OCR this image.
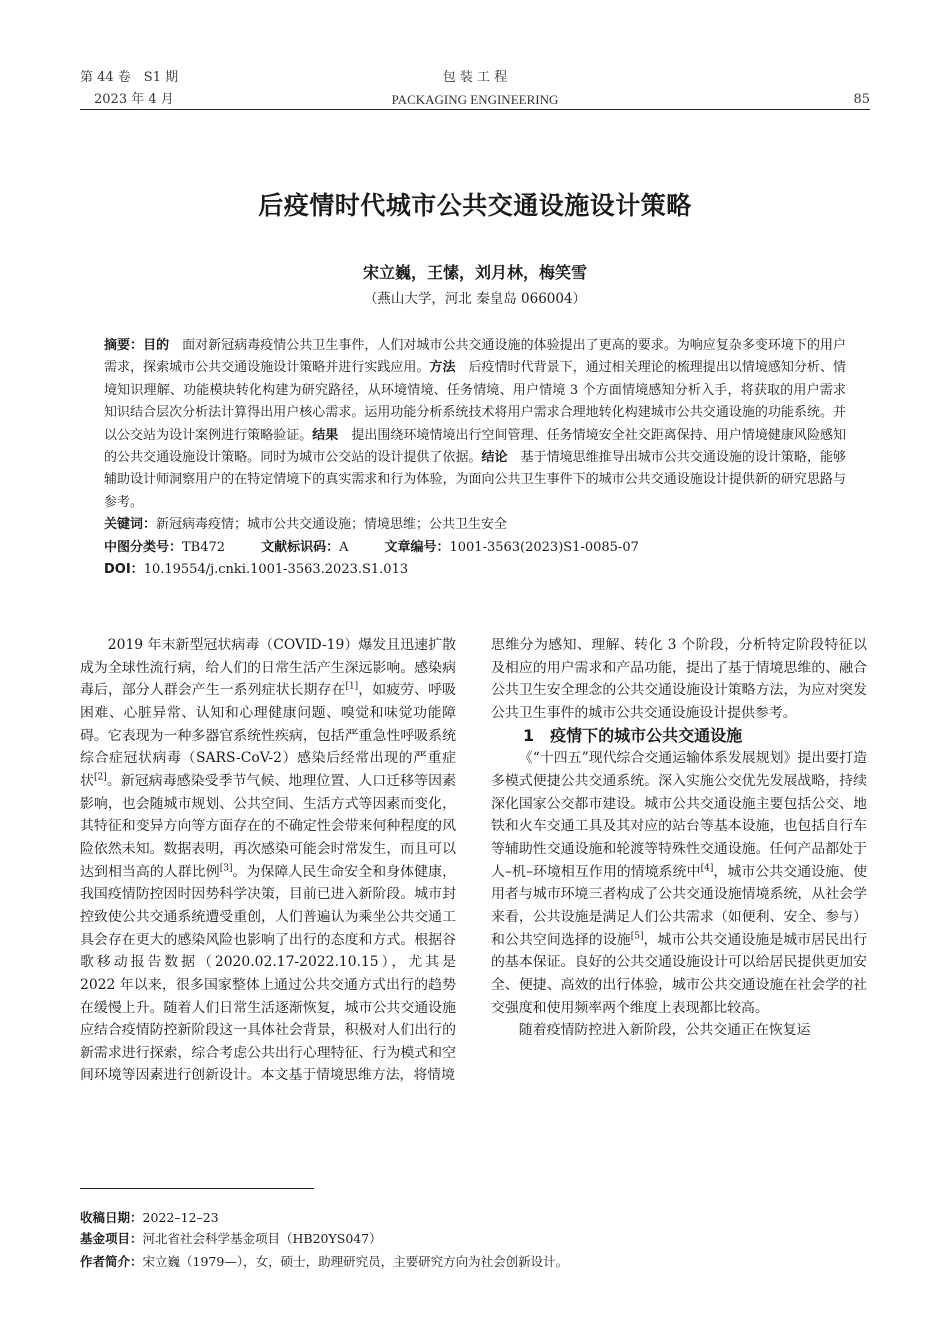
第 44 卷　S1 期
2023 年 4 月
包 装 工 程
PACKAGING ENGINEERING	85
后疫情时代城市公共交通设施设计策略
宋立巍，王愫，刘月林，梅笑雪
（燕山大学，河北 秦皇岛 066004）

摘要：目的　 面对新冠病毒疫情公共卫生事件，人们对城市公共交通设施的体验提出了更高的要求。为响应复杂多变环境下的用户需求，探索城市公共交通设施设计策略并进行实践应用。方法　 后疫情时代背景下，通过相关理论的梳理提出以情境感知分析、情境知识理解、功能模块转化构建为研究路径，从环境情境、任务情境、用户情境 3 个方面情境感知分析入手，将获取的用户需求知识结合层次分析法计算得出用户核心需求。运用功能分析系统技术将用户需求合理地转化构建城市公共交通设施的功能系统。并以公交站为设计案例进行策略验证。结果　 提出围绕环境情境出行空间管理、任务情境安全社交距离保持、用户情境健康风险感知的公共交通设施设计策略。同时为城市公交站的设计提供了依据。结论　 基于情境思维推导出城市公共交通设施的设计策略，能够辅助设计师洞察用户的在特定情境下的真实需求和行为体验，为面向公共卫生事件下的城市公共交通设施设计提供新的研究思路与参考。

关键词：新冠病毒疫情；城市公共交通设施；情境思维；公共卫生安全

中图分类号：TB472	文献标识码：A	文章编号：1001-3563(2023)S1-0085-07

DOI：10.19554/j.cnki.1001-3563.2023.S1.013

2019 年末新型冠状病毒（COVID-19）爆发且迅速扩散成为全球性流行病，给人们的日常生活产生深远影响。感染病毒后，部分人群会产生一系列症状长期存在[1]，如疲劳、呼吸困难、心脏异常、认知和心理健康问题、嗅觉和味觉功能障碍。它表现为一种多器官系统性疾病，包括严重急性呼吸系统综合症冠状病毒（SARS-CoV-2）感染后经常出现的严重症状[2]。新冠病毒感染受季节气候、地理位置、人口迁移等因素影响，也会随城市规划、公共空间、生活方式等因素而变化，其特征和变异方向等方面存在的不确定性会带来何种程度的风险依然未知。数据表明，再次感染可能会时常发生，而且可以达到相当高的人群比例[3]。为保障人民生命安全和身体健康，我国疫情防控因时因势科学决策，目前已进入新阶段。城市封控致使公共交通系统遭受重创，人们普遍认为乘坐公共交通工具会存在更大的感染风险也影响了出行的态度和方式。根据谷歌移动报告数据（2020.02.17-2022.10.15），尤其是 2022 年以来，很多国家整体上通过公共交通方式出行的趋势在缓慢上升。随着人们日常生活逐渐恢复，城市公共交通设施应结合疫情防控新阶段这一具体社会背景，积极对人们出行的新需求进行探索，综合考虑公共出行心理特征、行为模式和空间环境等因素进行创新设计。本文基于情境思维方法，将情境

思维分为感知、理解、转化 3 个阶段，分析特定阶段特征以及相应的用户需求和产品功能，提出了基于情境思维的、融合公共卫生安全理念的公共交通设施设计策略方法，为应对突发公共卫生事件的城市公共交通设施设计提供参考。

1　疫情下的城市公共交通设施

《“十四五”现代综合交通运输体系发展规划》提出要打造多模式便捷公共交通系统。深入实施公交优先发展战略，持续深化国家公交都市建设。城市公共交通设施主要包括公交、地铁和火车交通工具及其对应的站台等基本设施，也包括自行车等辅助性交通设施和轮渡等特殊性交通设施。任何产品都处于人–机–环境相互作用的情境系统中[4]，城市公共交通设施、使用者与城市环境三者构成了公共交通设施情境系统，从社会学来看，公共设施是满足人们公共需求（如便利、安全、参与）和公共空间选择的设施[5]，城市公共交通设施是城市居民出行的基本保证。良好的公共交通设施设计可以给居民提供更加安全、便捷、高效的出行体验，城市公共交通设施在社会学的社交强度和使用频率两个维度上表现都比较高。

随着疫情防控进入新阶段，公共交通正在恢复运

收稿日期：2022–12–23
基金项目：河北省社会科学基金项目（HB20YS047）
作者简介：宋立巍（1979—），女，硕士，助理研究员，主要研究方向为社会创新设计。
